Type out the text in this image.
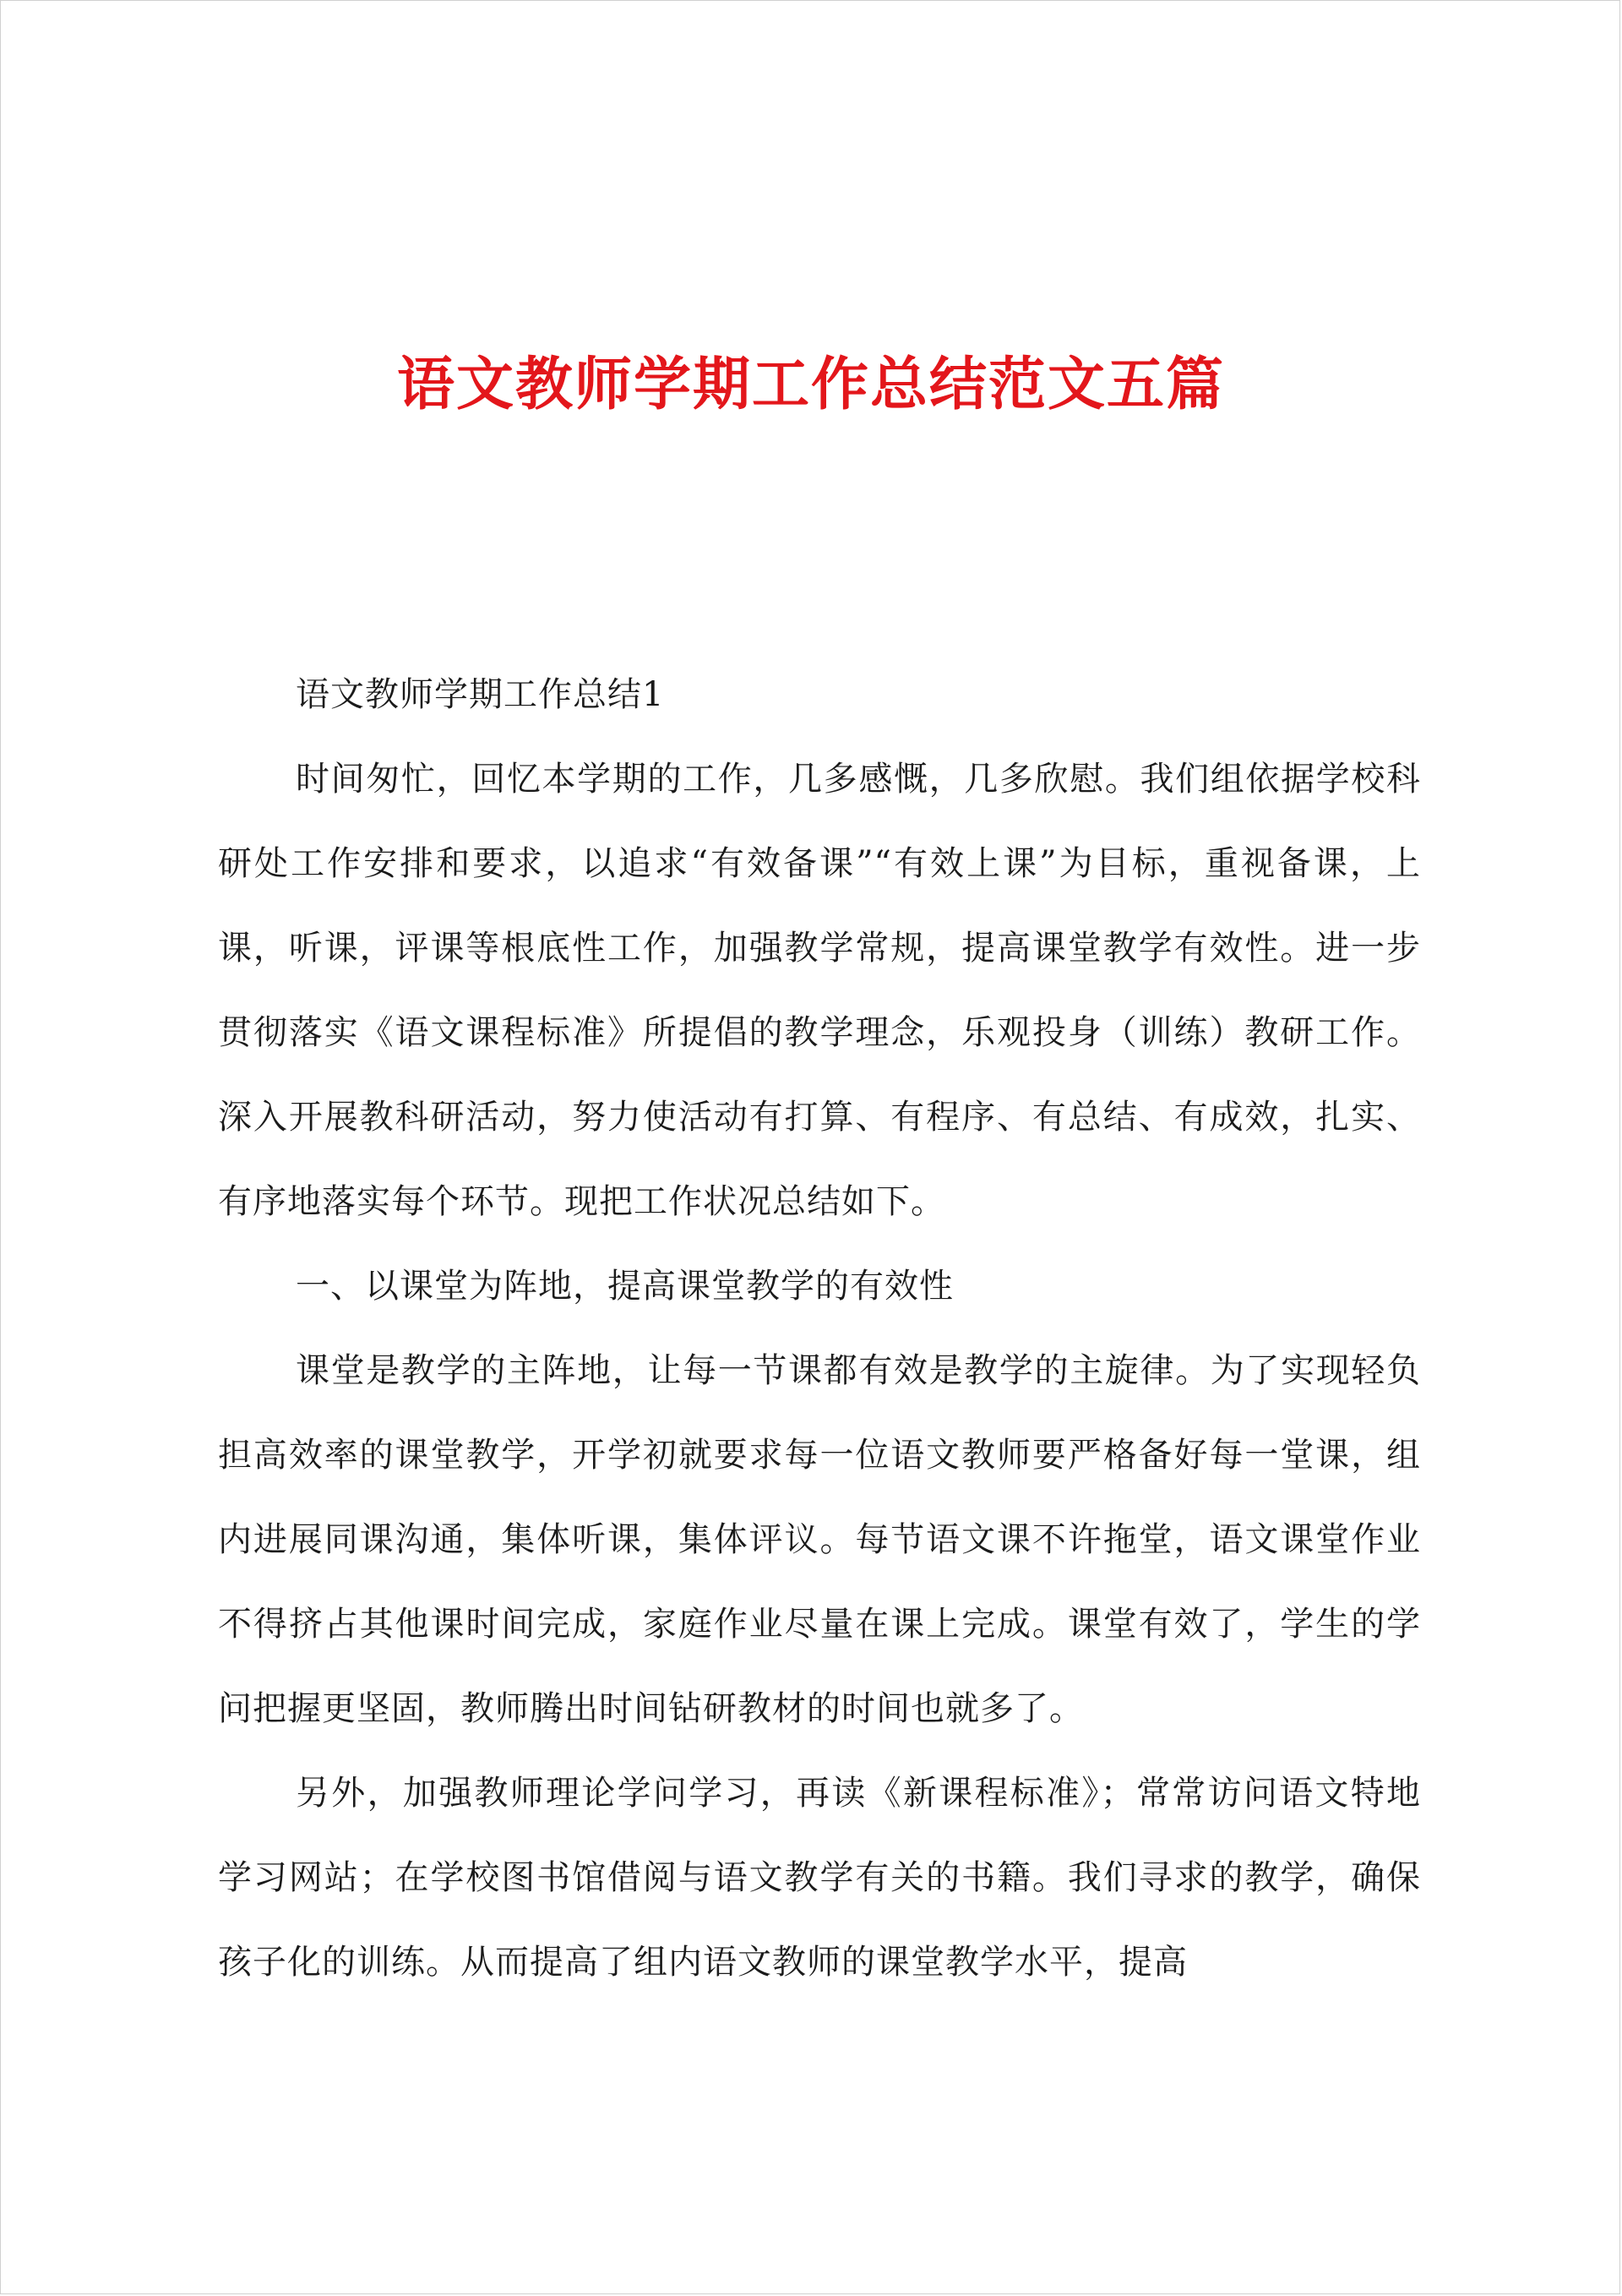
语文教师学期工作总结范文五篇

语文教师学期工作总结1

时间匆忙，回忆本学期的工作，几多感慨，几多欣慰。我们组依据学校科研处工作安排和要求，以追求“有效备课”“有效上课”为目标，重视备课，上课，听课，评课等根底性工作，加强教学常规，提高课堂教学有效性。进一步贯彻落实《语文课程标准》所提倡的教学理念，乐观投身（训练）教研工作。深入开展教科研活动，努力使活动有打算、有程序、有总结、有成效，扎实、有序地落实每个环节。现把工作状况总结如下。

一、以课堂为阵地，提高课堂教学的有效性

课堂是教学的主阵地，让每一节课都有效是教学的主旋律。为了实现轻负担高效率的课堂教学，开学初就要求每一位语文教师要严格备好每一堂课，组内进展同课沟通，集体听课，集体评议。每节语文课不许拖堂，语文课堂作业不得挤占其他课时间完成，家庭作业尽量在课上完成。课堂有效了，学生的学问把握更坚固，教师腾出时间钻研教材的时间也就多了。

另外，加强教师理论学问学习，再读《新课程标准》；常常访问语文特地学习网站；在学校图书馆借阅与语文教学有关的书籍。我们寻求的教学，确保孩子化的训练。从而提高了组内语文教师的课堂教学水平，提高
